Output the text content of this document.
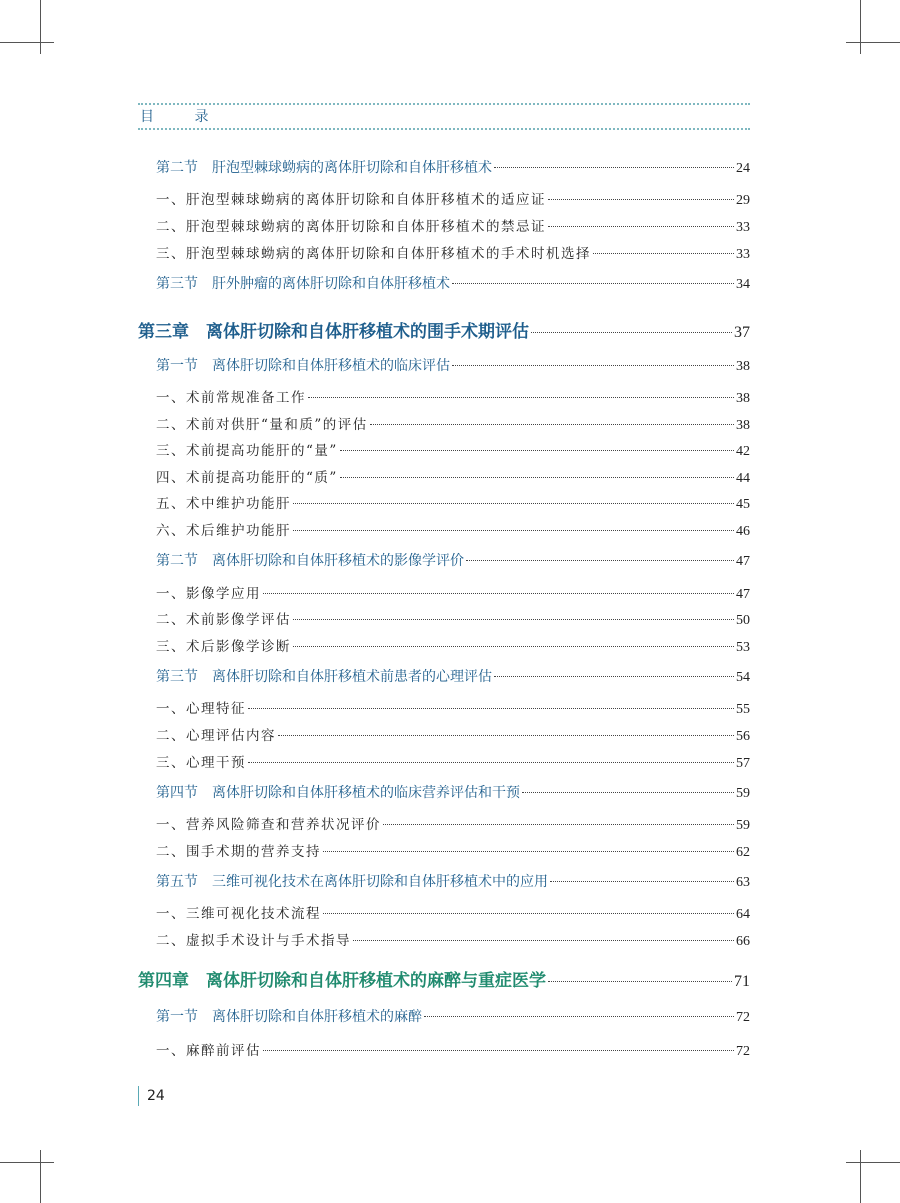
目 录
第二节　肝泡型棘球蚴病的离体肝切除和自体肝移植术	24
一、肝泡型棘球蚴病的离体肝切除和自体肝移植术的适应证	29
二、肝泡型棘球蚴病的离体肝切除和自体肝移植术的禁忌证	33
三、肝泡型棘球蚴病的离体肝切除和自体肝移植术的手术时机选择	33
第三节　肝外肿瘤的离体肝切除和自体肝移植术	34
第三章　离体肝切除和自体肝移植术的围手术期评估	37
第一节　离体肝切除和自体肝移植术的临床评估	38
一、术前常规准备工作	38
二、术前对供肝“量和质”的评估	38
三、术前提高功能肝的“量”	42
四、术前提高功能肝的“质”	44
五、术中维护功能肝	45
六、术后维护功能肝	46
第二节　离体肝切除和自体肝移植术的影像学评价	47
一、影像学应用	47
二、术前影像学评估	50
三、术后影像学诊断	53
第三节　离体肝切除和自体肝移植术前患者的心理评估	54
一、心理特征	55
二、心理评估内容	56
三、心理干预	57
第四节　离体肝切除和自体肝移植术的临床营养评估和干预	59
一、营养风险筛查和营养状况评价	59
二、围手术期的营养支持	62
第五节　三维可视化技术在离体肝切除和自体肝移植术中的应用	63
一、三维可视化技术流程	64
二、虚拟手术设计与手术指导	66
第四章　离体肝切除和自体肝移植术的麻醉与重症医学	71
第一节　离体肝切除和自体肝移植术的麻醉	72
一、麻醉前评估	72
24
